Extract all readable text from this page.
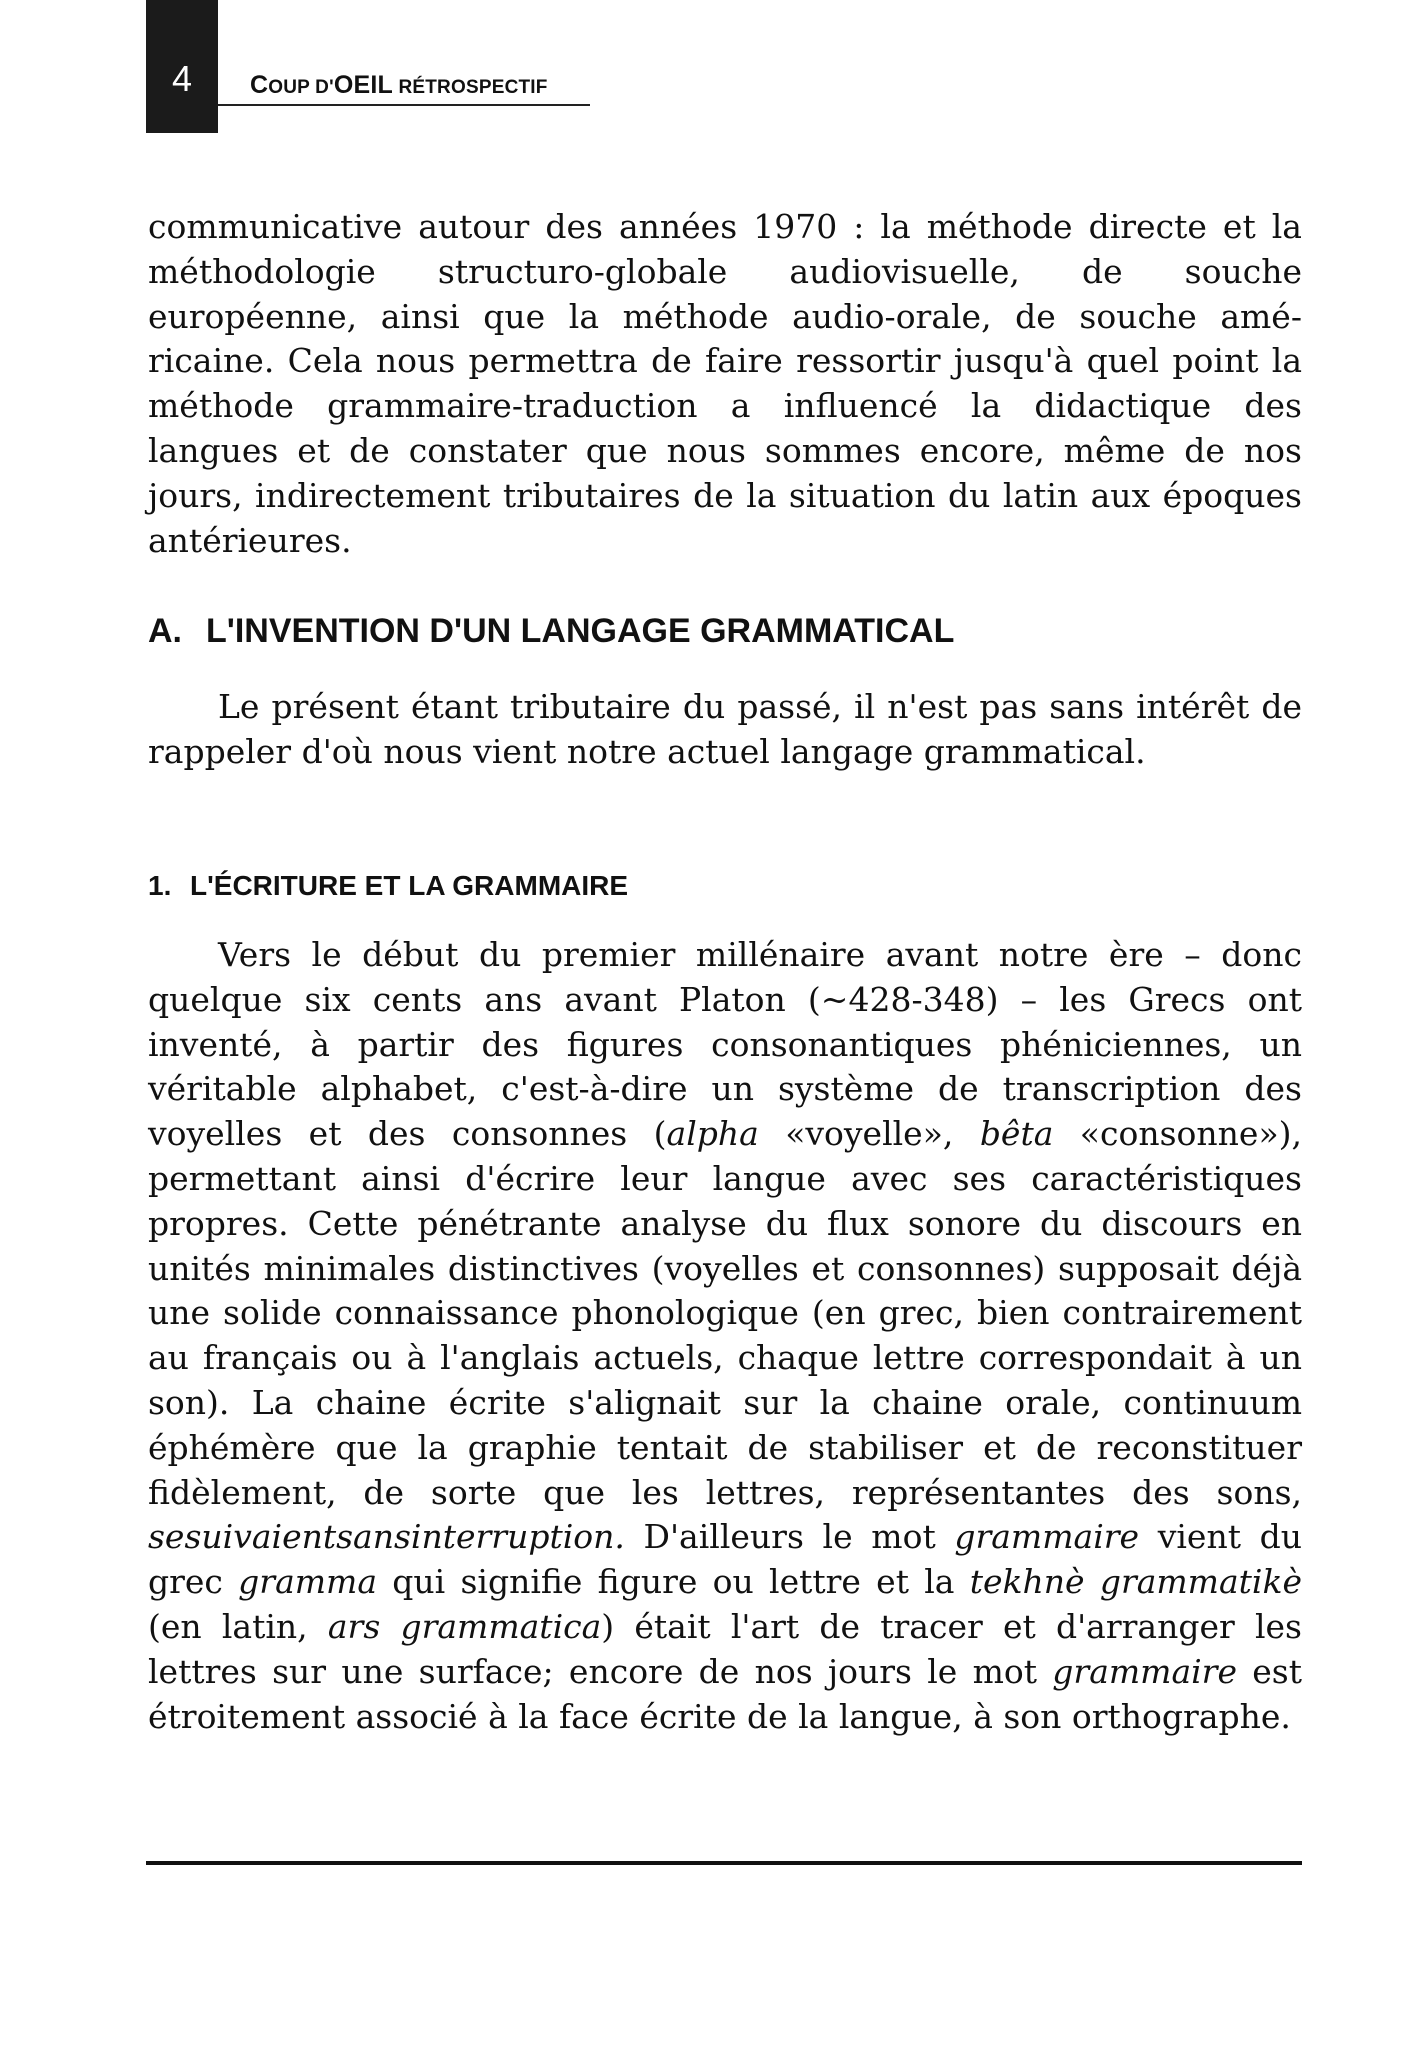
4 COUP D'OEIL RÉTROSPECTIF

communicative autour des années 1970 : la méthode directe et la méthodologie structuro-globale audiovisuelle, de souche européenne, ainsi que la méthode audio-orale, de souche américaine. Cela nous permettra de faire ressortir jusqu'à quel point la méthode grammaire-traduction a influencé la didactique des langues et de constater que nous sommes encore, même de nos jours, indirectement tributaires de la situation du latin aux époques antérieures.

A. L'INVENTION D'UN LANGAGE GRAMMATICAL

Le présent étant tributaire du passé, il n'est pas sans intérêt de rappeler d'où nous vient notre actuel langage grammatical.

1. L'ÉCRITURE ET LA GRAMMAIRE

Vers le début du premier millénaire avant notre ère – donc quelque six cents ans avant Platon (~428-348) – les Grecs ont inventé, à partir des figures consonantiques phéniciennes, un véritable alphabet, c'est-à-dire un système de transcription des voyelles et des consonnes (alpha «voyelle», bêta «consonne»), permettant ainsi d'écrire leur langue avec ses caractéristiques propres. Cette pénétrante analyse du flux sonore du discours en unités minimales distinctives (voyelles et consonnes) supposait déjà une solide connaissance phonologique (en grec, bien contrairement au français ou à l'anglais actuels, chaque lettre correspondait à un son). La chaine écrite s'alignait sur la chaine orale, continuum éphémère que la graphie tentait de stabiliser et de reconstituer fidèlement, de sorte que les lettres, représentantes des sons, sesuivaientsansinterruption. D'ailleurs le mot grammaire vient du grec gramma qui signifie figure ou lettre et la tekhnè grammatikè (en latin, ars grammatica) était l'art de tracer et d'arranger les lettres sur une surface; encore de nos jours le mot grammaire est étroitement associé à la face écrite de la langue, à son orthographe.
